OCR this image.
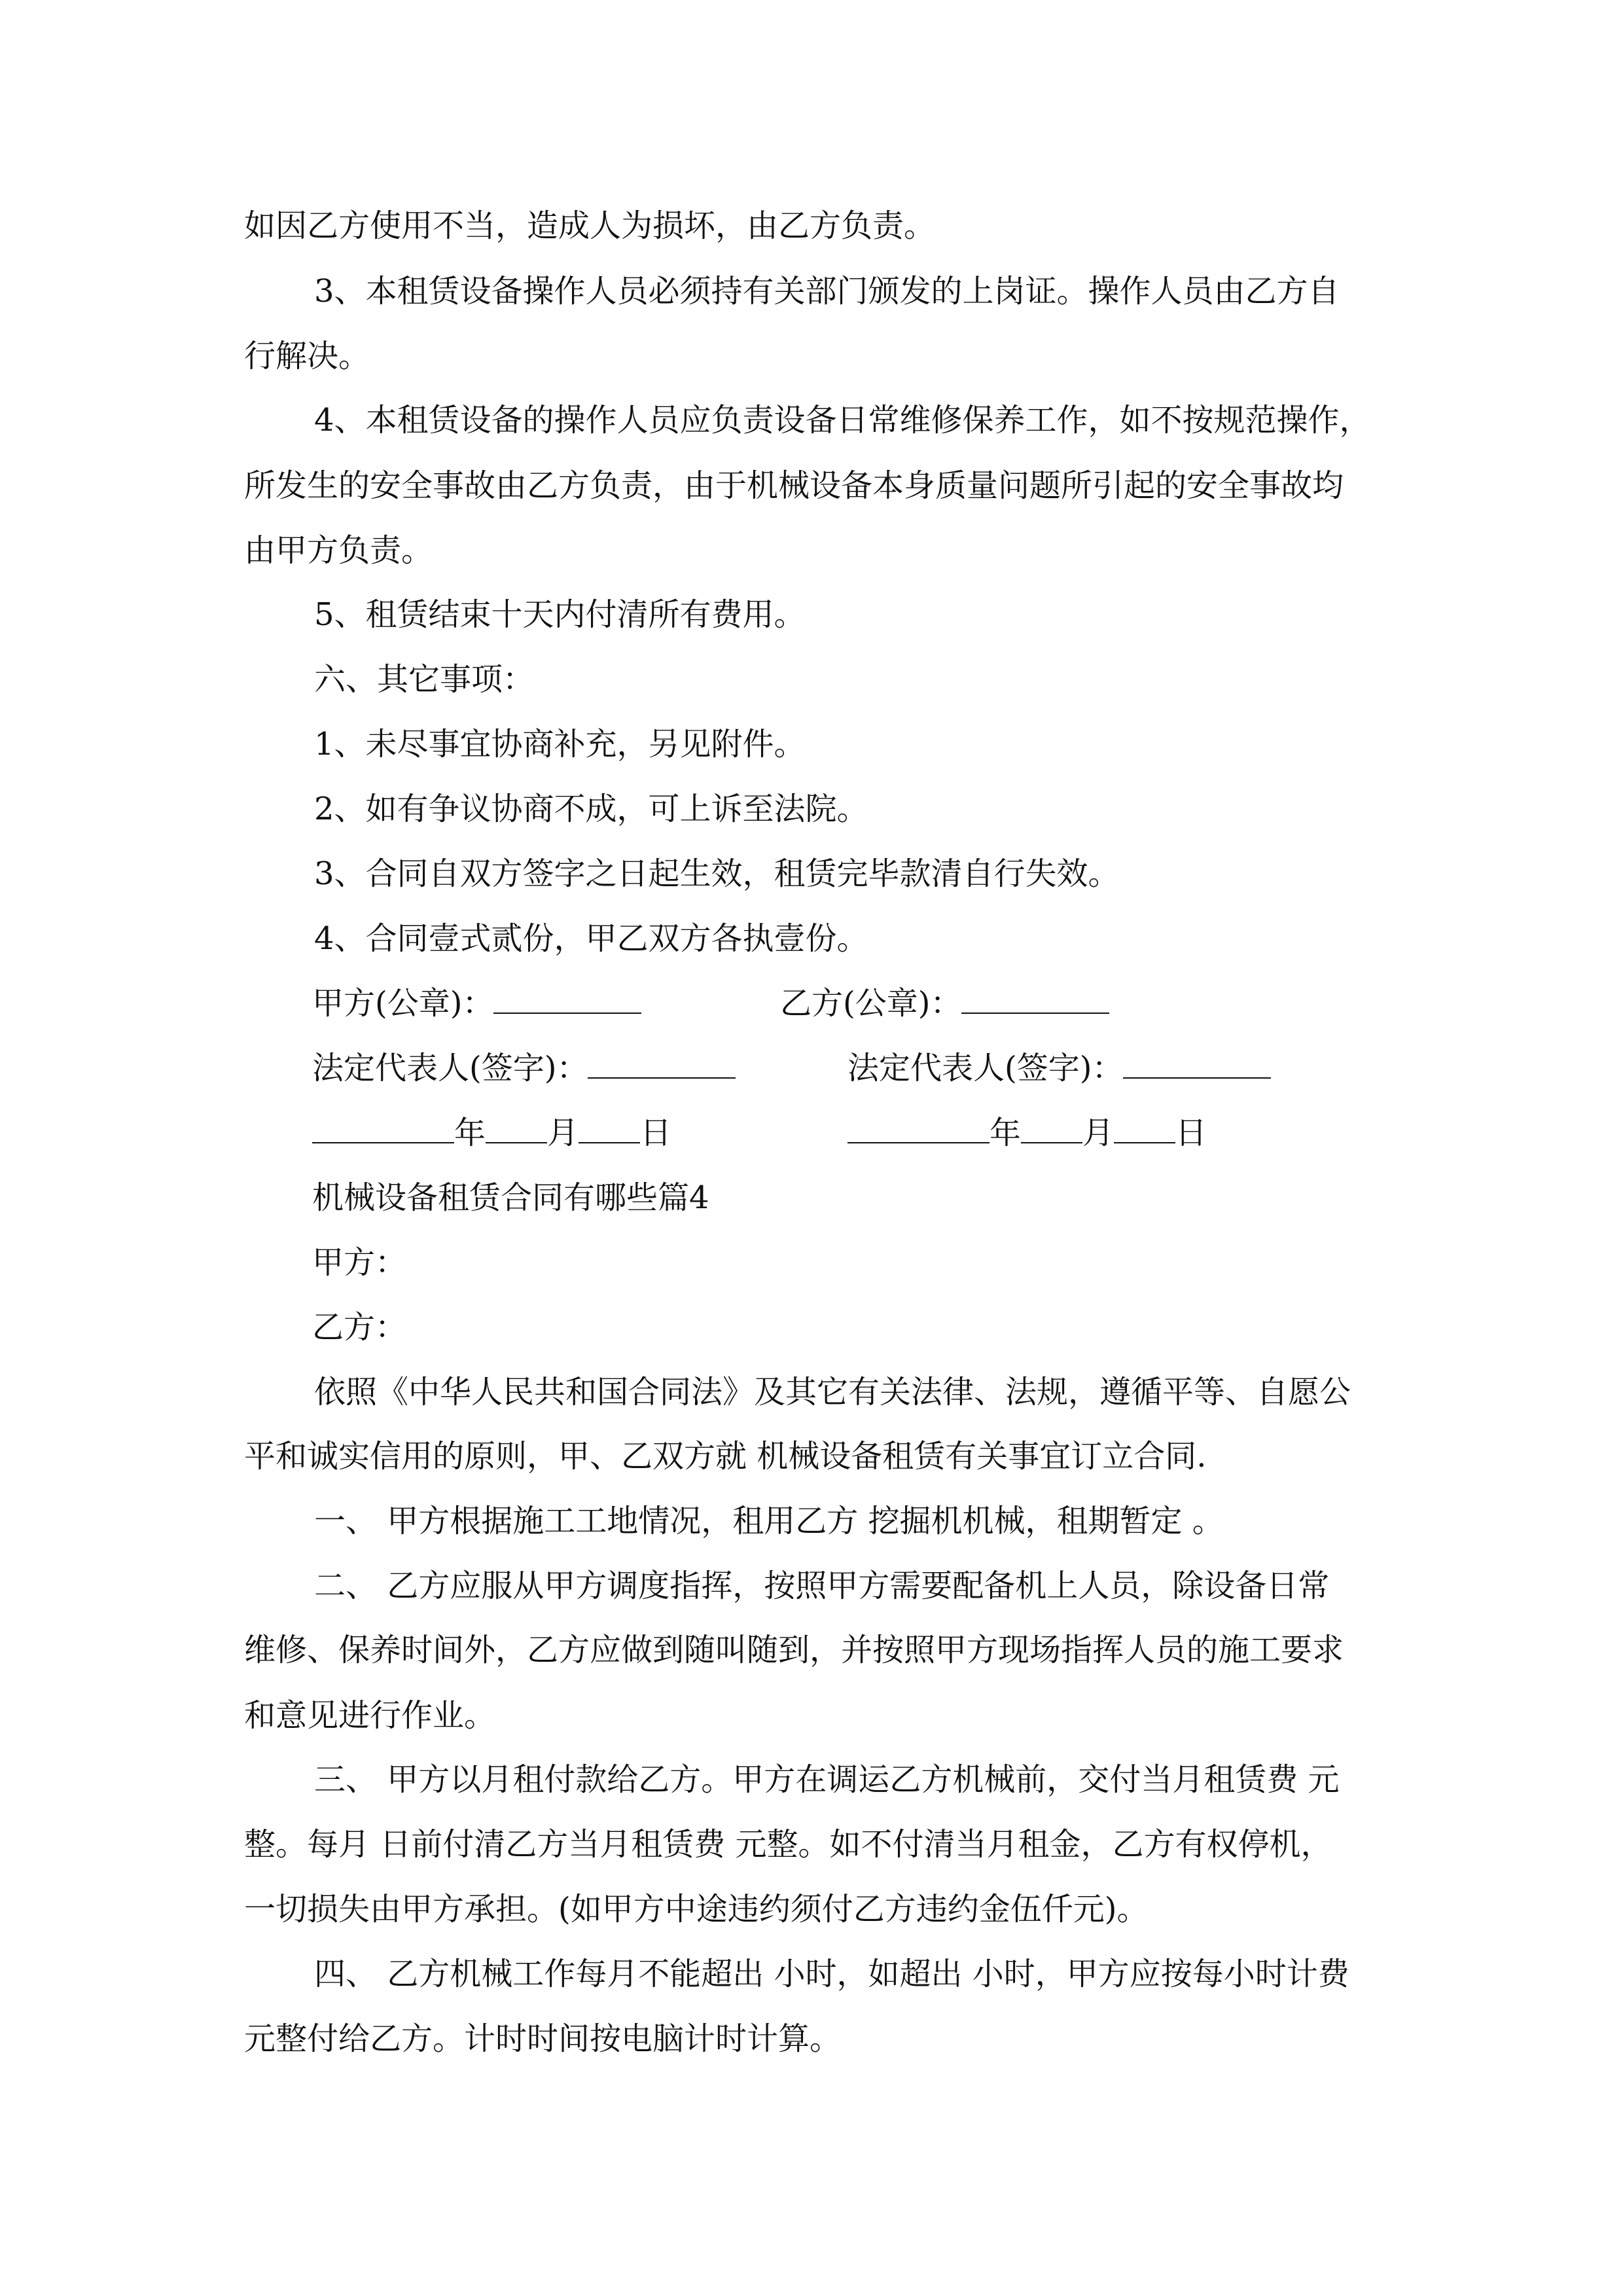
如因乙方使用不当，造成人为损坏，由乙方负责。
3、本租赁设备操作人员必须持有关部门颁发的上岗证。操作人员由乙方自
行解决。
4、本租赁设备的操作人员应负责设备日常维修保养工作，如不按规范操作，
所发生的安全事故由乙方负责，由于机械设备本身质量问题所引起的安全事故均
由甲方负责。
5、租赁结束十天内付清所有费用。
六、其它事项：
1、未尽事宜协商补充，另见附件。
2、如有争议协商不成，可上诉至法院。
3、合同自双方签字之日起生效，租赁完毕款清自行失效。
4、合同壹式贰份，甲乙双方各执壹份。
甲方(公章)：	乙方(公章)：
法定代表人(签字)：	法定代表人(签字)：
年 月 日	年 月 日
机械设备租赁合同有哪些篇4
甲方：
乙方：
依照《中华人民共和国合同法》及其它有关法律、法规，遵循平等、自愿公
平和诚实信用的原则，甲、乙双方就 机械设备租赁有关事宜订立合同.
一、 甲方根据施工工地情况，租用乙方 挖掘机机械，租期暂定 。
二、 乙方应服从甲方调度指挥，按照甲方需要配备机上人员，除设备日常
维修、保养时间外，乙方应做到随叫随到，并按照甲方现场指挥人员的施工要求
和意见进行作业。
三、 甲方以月租付款给乙方。甲方在调运乙方机械前，交付当月租赁费 元
整。每月 日前付清乙方当月租赁费 元整。如不付清当月租金，乙方有权停机，
一切损失由甲方承担。(如甲方中途违约须付乙方违约金伍仟元)。
四、 乙方机械工作每月不能超出 小时，如超出 小时，甲方应按每小时计费
元整付给乙方。计时时间按电脑计时计算。
